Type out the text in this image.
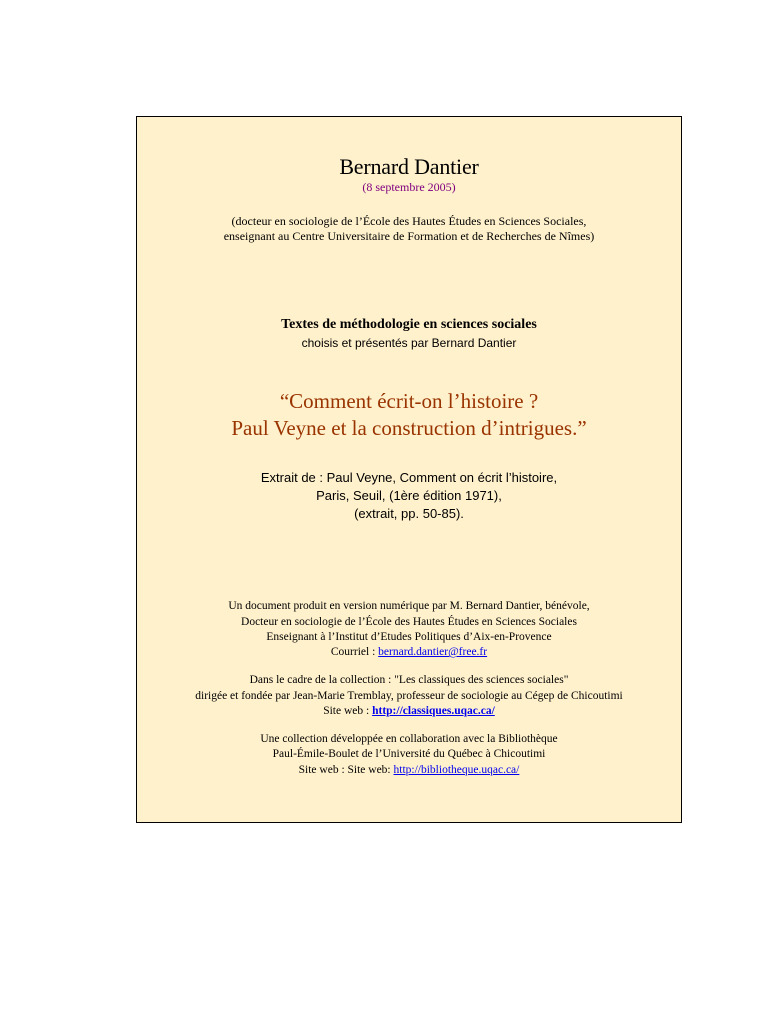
Bernard Dantier
(8 septembre 2005)
(docteur en sociologie de l’École des Hautes Études en Sciences Sociales,
enseignant au Centre Universitaire de Formation et de Recherches de Nîmes)
Textes de méthodologie en sciences sociales
choisis et présentés par Bernard Dantier
“Comment écrit-on l’histoire ?
Paul Veyne et la construction d’intrigues.”
Extrait de : Paul Veyne, Comment on écrit l’histoire,
Paris, Seuil, (1ère édition 1971),
(extrait, pp. 50-85).
Un document produit en version numérique par M. Bernard Dantier, bénévole,
Docteur en sociologie de l’École des Hautes Études en Sciences Sociales
Enseignant à l’Institut d’Etudes Politiques d’Aix-en-Provence
Courriel : bernard.dantier@free.fr
Dans le cadre de la collection : "Les classiques des sciences sociales"
dirigée et fondée par Jean-Marie Tremblay, professeur de sociologie au Cégep de Chicoutimi
Site web : http://classiques.uqac.ca/
Une collection développée en collaboration avec la Bibliothèque
Paul-Émile-Boulet de l’Université du Québec à Chicoutimi
Site web : Site web: http://bibliotheque.uqac.ca/
